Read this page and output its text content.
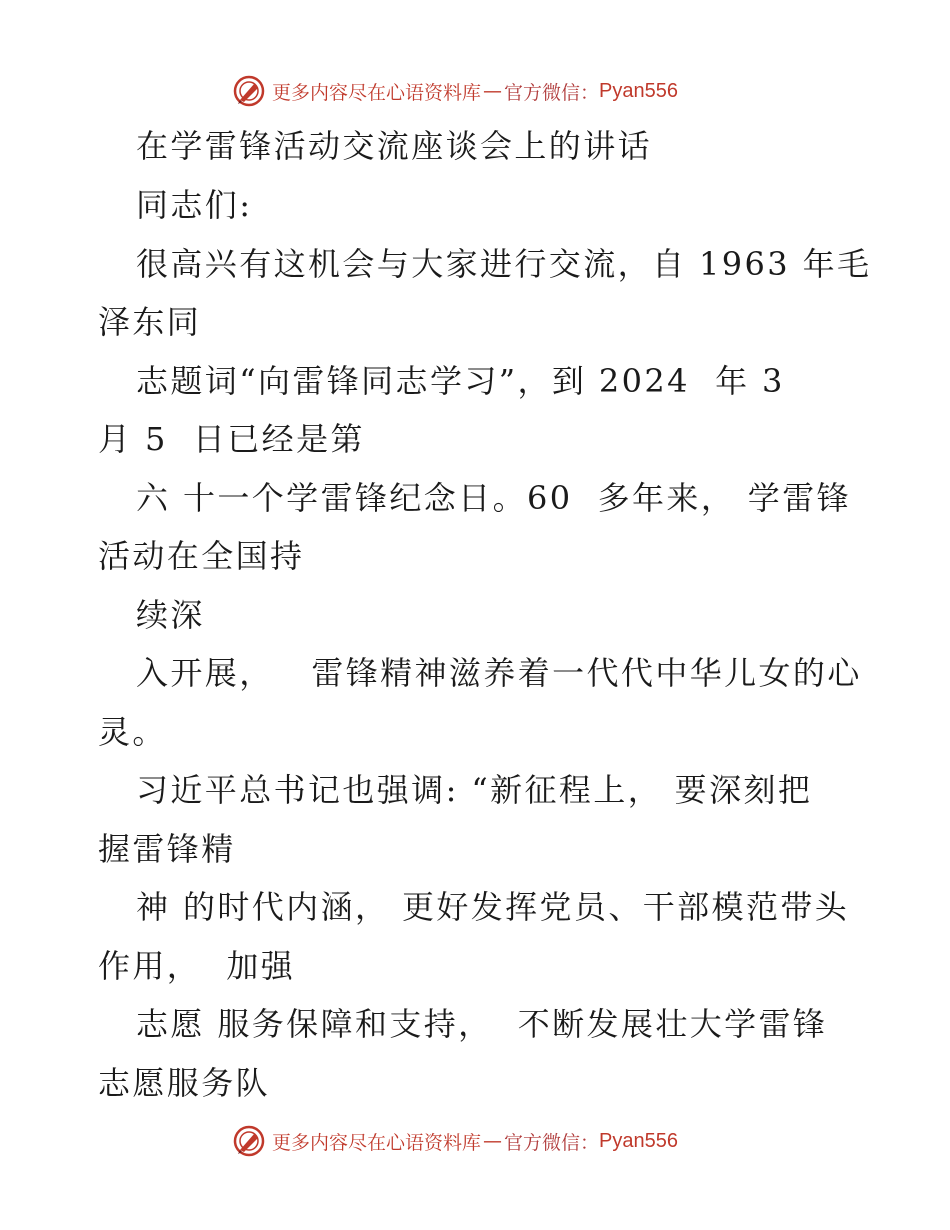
更多内容尽在心语资料库 — 官方微信： Pyan556
在学雷锋活动交流座谈会上的讲话
同志们:
很高兴有这机会与大家进行交流，自 1963 年毛
泽东同
志题词“向雷锋同志学习”，到 2024  年 3
月 5  日已经是第
六 十一个学雷锋纪念日。60  多年来， 学雷锋
活动在全国持
续深
入开展，   雷锋精神滋养着一代代中华儿女的心
灵。
习近平总书记也强调: “新征程上， 要深刻把
握雷锋精
神 的时代内涵， 更好发挥党员、干部模范带头
作用，  加强
志愿 服务保障和支持，  不断发展壮大学雷锋
志愿服务队
更多内容尽在心语资料库 — 官方微信： Pyan556
